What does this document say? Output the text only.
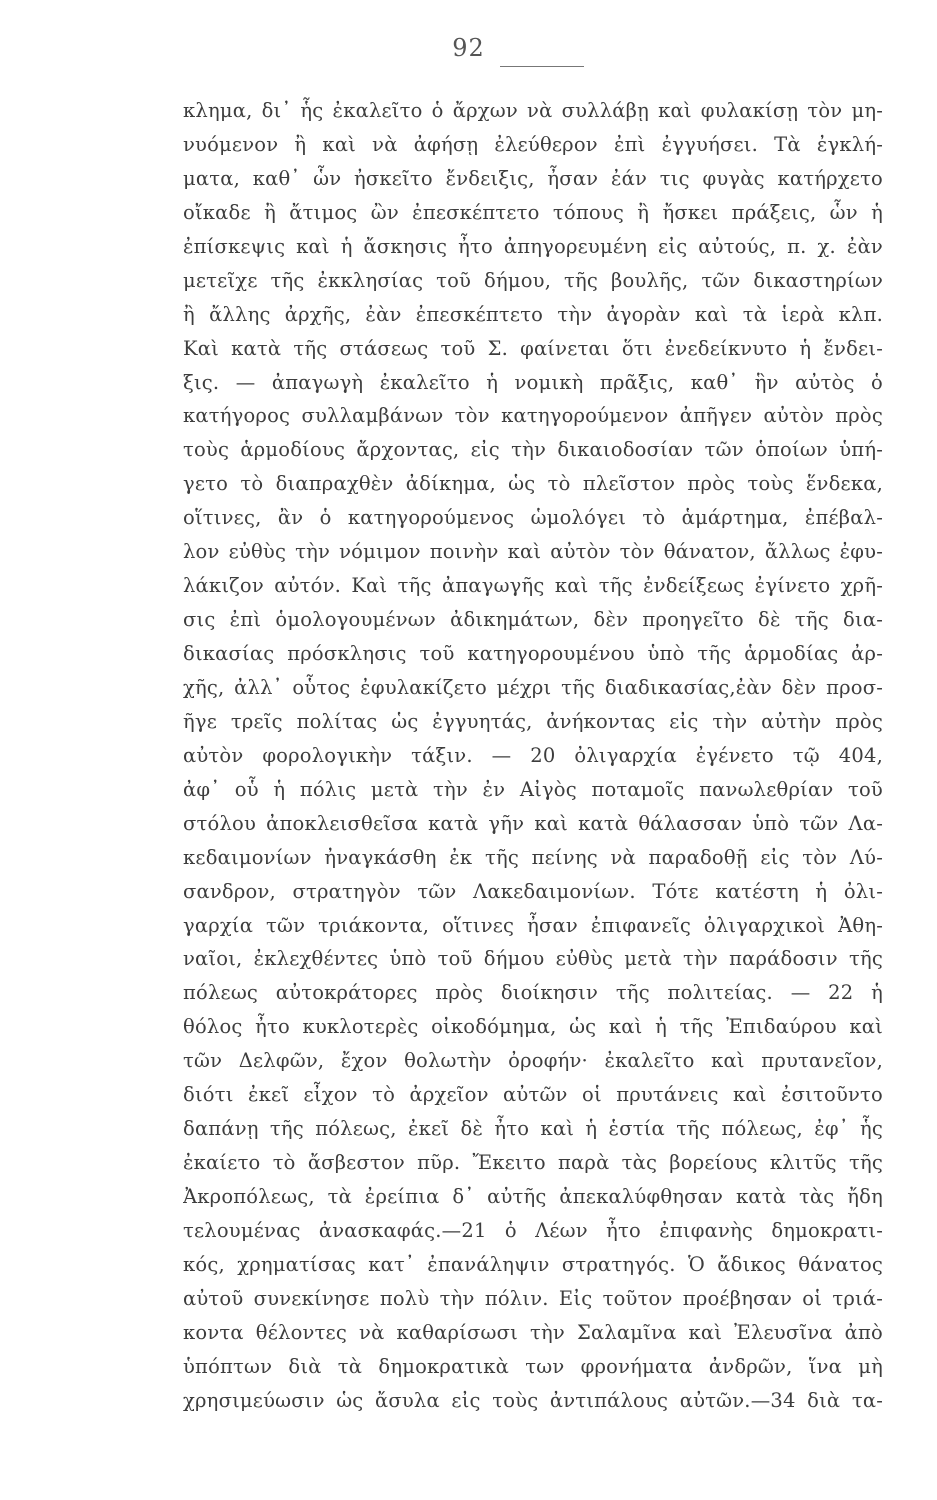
92
κλημα, δι᾽ ἧς ἐκαλεῖτο ὁ ἄρχων νὰ συλλάβῃ καὶ φυλακίσῃ τὸν μη-
νυόμενον ἢ καὶ νὰ ἀφήσῃ ἐλεύθερον ἐπὶ ἐγγυήσει. Τὰ ἐγκλή-
ματα, καθ᾽ ὧν ἠσκεῖτο ἔνδειξις, ἦσαν ἐάν τις φυγὰς κατήρχετο
οἴκαδε ἢ ἄτιμος ὢν ἐπεσκέπτετο τόπους ἢ ἤσκει πράξεις, ὧν ἡ
ἐπίσκεψις καὶ ἡ ἄσκησις ἦτο ἀπηγορευμένη εἰς αὐτούς, π. χ. ἐὰν
μετεῖχε τῆς ἐκκλησίας τοῦ δήμου, τῆς βουλῆς, τῶν δικαστηρίων
ἢ ἄλλης ἀρχῆς, ἐὰν ἐπεσκέπτετο τὴν ἀγορὰν καὶ τὰ ἱερὰ κλπ.
Καὶ κατὰ τῆς στάσεως τοῦ Σ. φαίνεται ὅτι ἐνεδείκνυτο ἡ ἔνδει-
ξις. — ἀπαγωγὴ ἐκαλεῖτο ἡ νομικὴ πρᾶξις, καθ᾽ ἣν αὐτὸς ὁ
κατήγορος συλλαμβάνων τὸν κατηγορούμενον ἀπῆγεν αὐτὸν πρὸς
τοὺς ἁρμοδίους ἄρχοντας, εἰς τὴν δικαιοδοσίαν τῶν ὁποίων ὑπή-
γετο τὸ διαπραχθὲν ἀδίκημα, ὡς τὸ πλεῖστον πρὸς τοὺς ἕνδεκα,
οἵτινες, ἂν ὁ κατηγορούμενος ὡμολόγει τὸ ἁμάρτημα, ἐπέβαλ-
λον εὐθὺς τὴν νόμιμον ποινὴν καὶ αὐτὸν τὸν θάνατον, ἄλλως ἐφυ-
λάκιζον αὐτόν. Καὶ τῆς ἀπαγωγῆς καὶ τῆς ἐνδείξεως ἐγίνετο χρῆ-
σις ἐπὶ ὁμολογουμένων ἀδικημάτων, δὲν προηγεῖτο δὲ τῆς δια-
δικασίας πρόσκλησις τοῦ κατηγορουμένου ὑπὸ τῆς ἁρμοδίας ἀρ-
χῆς, ἀλλ᾽ οὗτος ἐφυλακίζετο μέχρι τῆς διαδικασίας,ἐὰν δὲν προσ-
ῆγε τρεῖς πολίτας ὡς ἐγγυητάς, ἀνήκοντας εἰς τὴν αὐτὴν πρὸς
αὐτὸν φορολογικὴν τάξιν. — 20 ὀλιγαρχία ἐγένετο τῷ 404,
ἀφ᾽ οὗ ἡ πόλις μετὰ τὴν ἐν Αἰγὸς ποταμοῖς πανωλεθρίαν τοῦ
στόλου ἀποκλεισθεῖσα κατὰ γῆν καὶ κατὰ θάλασσαν ὑπὸ τῶν Λα-
κεδαιμονίων ἠναγκάσθη ἐκ τῆς πείνης νὰ παραδοθῇ εἰς τὸν Λύ-
σανδρον, στρατηγὸν τῶν Λακεδαιμονίων. Τότε κατέστη ἡ ὀλι-
γαρχία τῶν τριάκοντα, οἵτινες ἦσαν ἐπιφανεῖς ὀλιγαρχικοὶ Ἀθη-
ναῖοι, ἐκλεχθέντες ὑπὸ τοῦ δήμου εὐθὺς μετὰ τὴν παράδοσιν τῆς
πόλεως αὐτοκράτορες πρὸς διοίκησιν τῆς πολιτείας. — 22 ἡ
θόλος ἦτο κυκλοτερὲς οἰκοδόμημα, ὡς καὶ ἡ τῆς Ἐπιδαύρου καὶ
τῶν Δελφῶν, ἔχον θολωτὴν ὀροφήν· ἐκαλεῖτο καὶ πρυτανεῖον,
διότι ἐκεῖ εἶχον τὸ ἀρχεῖον αὐτῶν οἱ πρυτάνεις καὶ ἐσιτοῦντο
δαπάνῃ τῆς πόλεως, ἐκεῖ δὲ ἦτο καὶ ἡ ἑστία τῆς πόλεως, ἐφ᾽ ἧς
ἐκαίετο τὸ ἄσβεστον πῦρ. Ἔκειτο παρὰ τὰς βορείους κλιτῦς τῆς
Ἀκροπόλεως, τὰ ἐρείπια δ᾽ αὐτῆς ἀπεκαλύφθησαν κατὰ τὰς ἤδη
τελουμένας ἀνασκαφάς.—21 ὁ Λέων ἦτο ἐπιφανὴς δημοκρατι-
κός, χρηματίσας κατ᾽ ἐπανάληψιν στρατηγός. Ὁ ἄδικος θάνατος
αὐτοῦ συνεκίνησε πολὺ τὴν πόλιν. Εἰς τοῦτον προέβησαν οἱ τριά-
κοντα θέλοντες νὰ καθαρίσωσι τὴν Σαλαμῖνα καὶ Ἐλευσῖνα ἀπὸ
ὑπόπτων διὰ τὰ δημοκρατικὰ των φρονήματα ἀνδρῶν, ἵνα μὴ
χρησιμεύωσιν ὡς ἄσυλα εἰς τοὺς ἀντιπάλους αὐτῶν.—34 διὰ τα-
